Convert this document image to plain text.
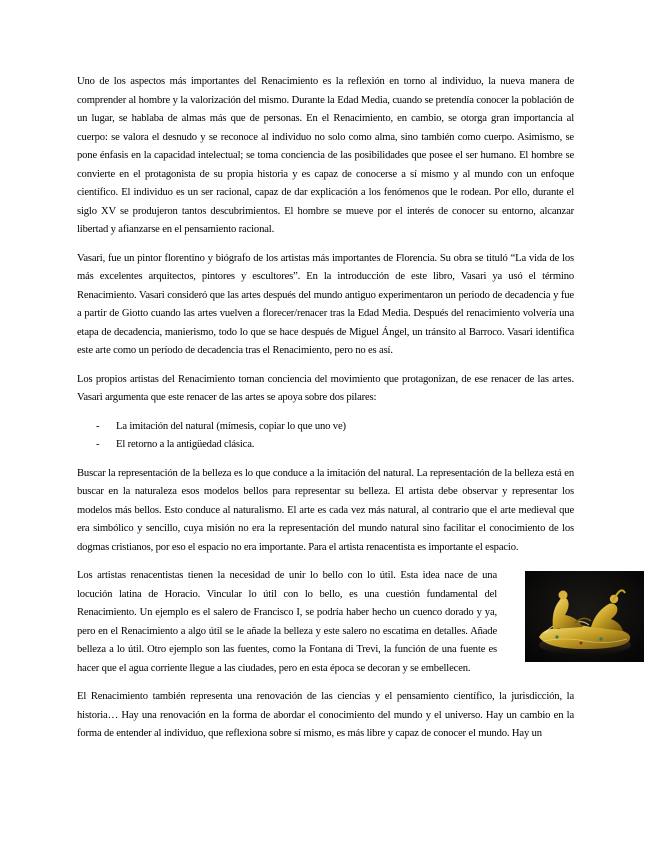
Uno de los aspectos más importantes del Renacimiento es la reflexión en torno al individuo, la nueva manera de comprender al hombre y la valorización del mismo. Durante la Edad Media, cuando se pretendía conocer la población de un lugar, se hablaba de almas más que de personas. En el Renacimiento, en cambio, se otorga gran importancia al cuerpo: se valora el desnudo y se reconoce al individuo no solo como alma, sino también como cuerpo. Asimismo, se pone énfasis en la capacidad intelectual; se toma conciencia de las posibilidades que posee el ser humano. El hombre se convierte en el protagonista de su propia historia y es capaz de conocerse a sí mismo y al mundo con un enfoque científico. El individuo es un ser racional, capaz de dar explicación a los fenómenos que le rodean. Por ello, durante el siglo XV se produjeron tantos descubrimientos. El hombre se mueve por el interés de conocer su entorno, alcanzar libertad y afianzarse en el pensamiento racional.

Vasari, fue un pintor florentino y biógrafo de los artistas más importantes de Florencia. Su obra se tituló “La vida de los más excelentes arquitectos, pintores y escultores”. En la introducción de este libro, Vasari ya usó el término Renacimiento. Vasari consideró que las artes después del mundo antiguo experimentaron un periodo de decadencia y fue a partir de Giotto cuando las artes vuelven a florecer/renacer tras la Edad Media. Después del renacimiento volvería una etapa de decadencia, manierismo, todo lo que se hace después de Miguel Ángel, un tránsito al Barroco. Vasari identifica este arte como un período de decadencia tras el Renacimiento, pero no es así.

Los propios artistas del Renacimiento toman conciencia del movimiento que protagonizan, de ese renacer de las artes. Vasari argumenta que este renacer de las artes se apoya sobre dos pilares:

- La imitación del natural (mímesis, copiar lo que uno ve)
- El retorno a la antigüedad clásica.

Buscar la representación de la belleza es lo que conduce a la imitación del natural. La representación de la belleza está en buscar en la naturaleza esos modelos bellos para representar su belleza. El artista debe observar y representar los modelos más bellos. Esto conduce al naturalismo. El arte es cada vez más natural, al contrario que el arte medieval que era simbólico y sencillo, cuya misión no era la representación del mundo natural sino facilitar el conocimiento de los dogmas cristianos, por eso el espacio no era importante. Para el artista renacentista es importante el espacio.

Los artistas renacentistas tienen la necesidad de unir lo bello con lo útil. Esta idea nace de una locución latina de Horacio. Vincular lo útil con lo bello, es una cuestión fundamental del Renacimiento. Un ejemplo es el salero de Francisco I, se podría haber hecho un cuenco dorado y ya, pero en el Renacimiento a algo útil se le añade la belleza y este salero no escatima en detalles. Añade belleza a lo útil. Otro ejemplo son las fuentes, como la Fontana di Trevi, la función de una fuente es hacer que el agua corriente llegue a las ciudades, pero en esta época se decoran y se embellecen.

El Renacimiento también representa una renovación de las ciencias y el pensamiento científico, la jurisdicción, la historia… Hay una renovación en la forma de abordar el conocimiento del mundo y el universo. Hay un cambio en la forma de entender al individuo, que reflexiona sobre sí mismo, es más libre y capaz de conocer el mundo. Hay un
